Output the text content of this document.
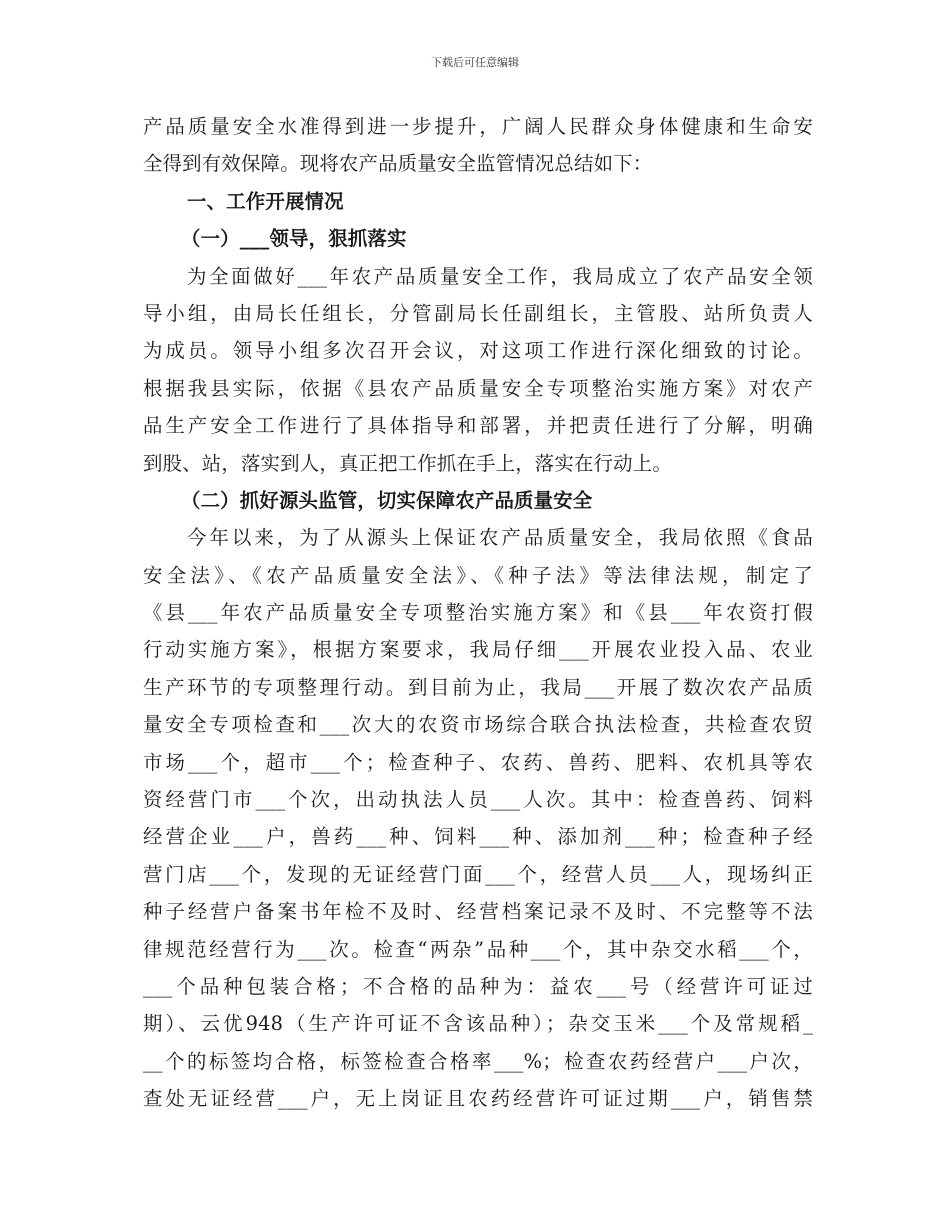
下载后可任意编辑
产品质量安全水准得到进一步提升，广阔人民群众身体健康和生命安
全得到有效保障。现将农产品质量安全监管情况总结如下：
一、工作开展情况
（一）___领导，狠抓落实
为全面做好___年农产品质量安全工作，我局成立了农产品安全领
导小组，由局长任组长，分管副局长任副组长，主管股、站所负责人
为成员。领导小组多次召开会议，对这项工作进行深化细致的讨论。
根据我县实际，依据《县农产品质量安全专项整治实施方案》对农产
品生产安全工作进行了具体指导和部署，并把责任进行了分解，明确
到股、站，落实到人，真正把工作抓在手上，落实在行动上。
（二）抓好源头监管，切实保障农产品质量安全
今年以来，为了从源头上保证农产品质量安全，我局依照《食品
安全法》、《农产品质量安全法》、《种子法》等法律法规，制定了
《县___年农产品质量安全专项整治实施方案》和《县___年农资打假
行动实施方案》，根据方案要求，我局仔细___开展农业投入品、农业
生产环节的专项整理行动。到目前为止，我局___开展了数次农产品质
量安全专项检查和___次大的农资市场综合联合执法检查，共检查农贸
市场___个，超市___个；检查种子、农药、兽药、肥料、农机具等农
资经营门市___个次，出动执法人员___人次。其中：检查兽药、饲料
经营企业___户，兽药___种、饲料___种、添加剂___种；检查种子经
营门店___个，发现的无证经营门面___个，经营人员___人，现场纠正
种子经营户备案书年检不及时、经营档案记录不及时、不完整等不法
律规范经营行为___次。检查“两杂”品种___个，其中杂交水稻___个，
___个品种包装合格；不合格的品种为：益农___号（经营许可证过
期）、云优948（生产许可证不含该品种）；杂交玉米___个及常规稻_
__个的标签均合格，标签检查合格率___%；检查农药经营户___户次，
查处无证经营___户，无上岗证且农药经营许可证过期___户，销售禁
